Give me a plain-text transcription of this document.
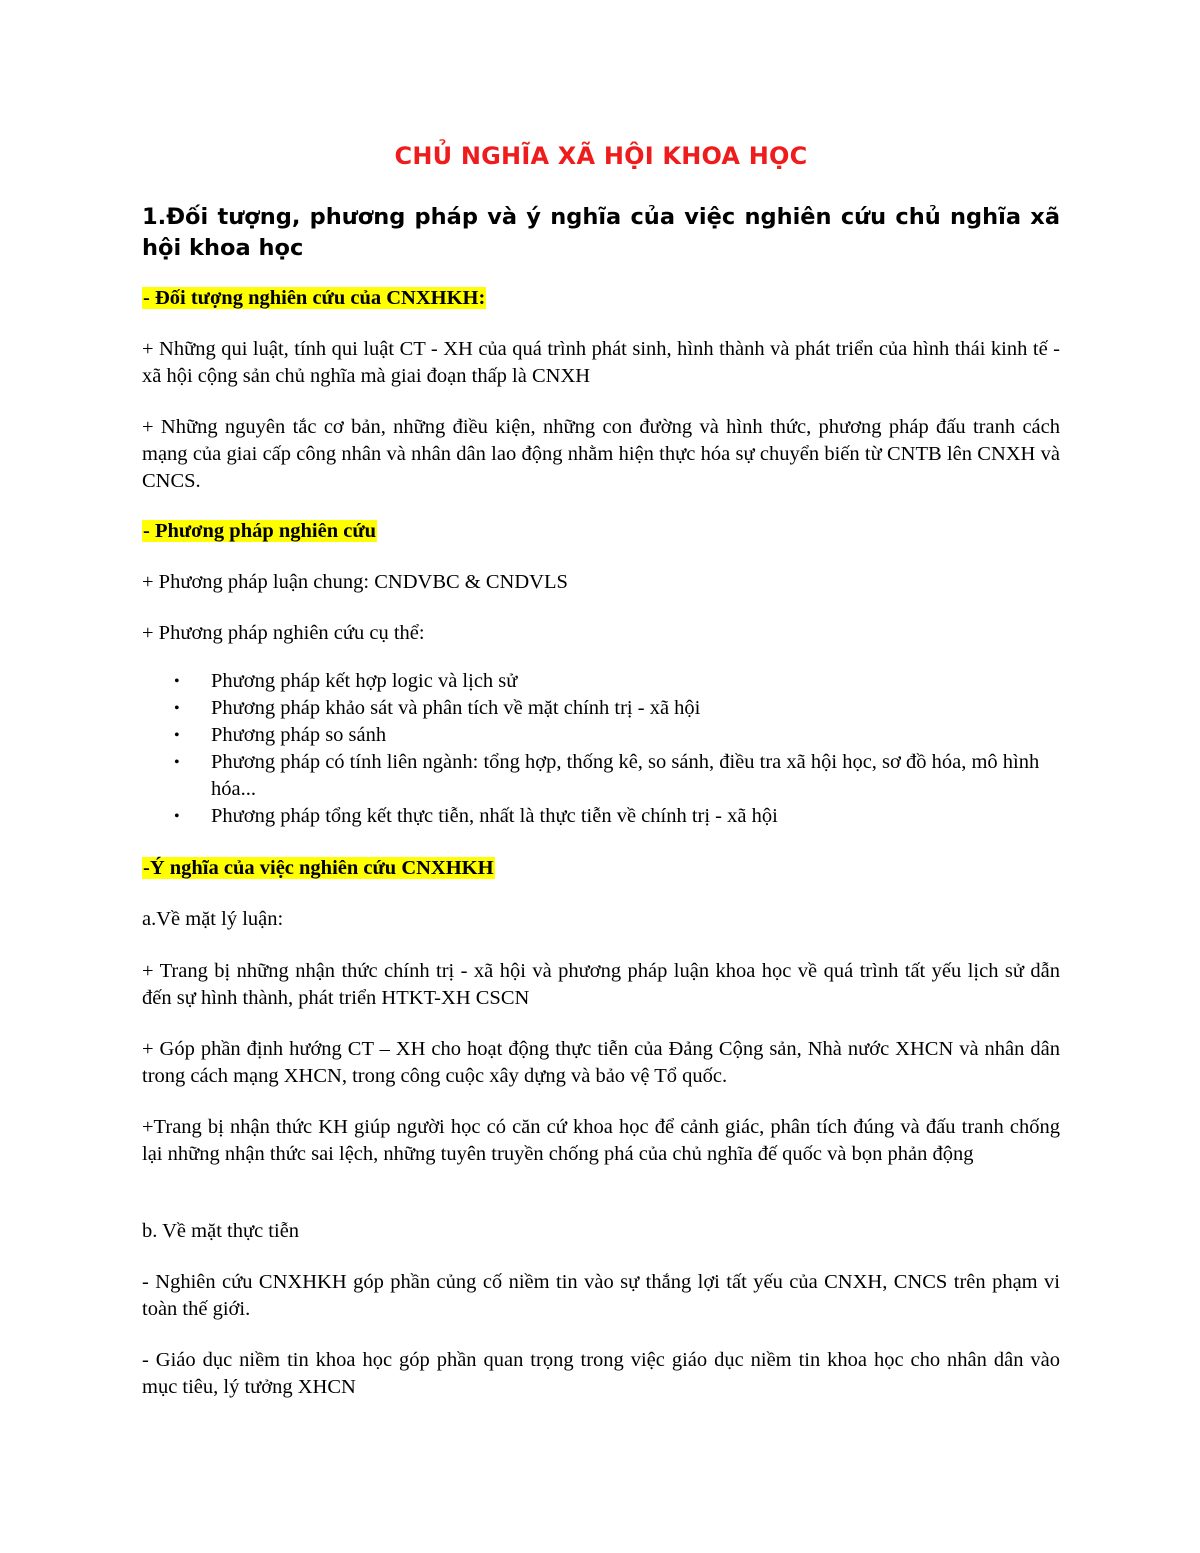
CHỦ NGHĨA XÃ HỘI KHOA HỌC
1.Đối tượng, phương pháp và ý nghĩa của việc nghiên cứu chủ nghĩa xã hội khoa học

- Đối tượng nghiên cứu của CNXHKH:

+ Những qui luật, tính qui luật CT - XH của quá trình phát sinh, hình thành và phát triển của hình thái kinh tế - xã hội cộng sản chủ nghĩa mà giai đoạn thấp là CNXH

+ Những nguyên tắc cơ bản, những điều kiện, những con đường và hình thức, phương pháp đấu tranh cách mạng của giai cấp công nhân và nhân dân lao động nhằm hiện thực hóa sự chuyển biến từ CNTB lên CNXH và CNCS.

- Phương pháp nghiên cứu

+ Phương pháp luận chung: CNDVBC & CNDVLS

+ Phương pháp nghiên cứu cụ thể:

• Phương pháp kết hợp logic và lịch sử
• Phương pháp khảo sát và phân tích về mặt chính trị - xã hội
• Phương pháp so sánh
• Phương pháp có tính liên ngành: tổng hợp, thống kê, so sánh, điều tra xã hội học, sơ đồ hóa, mô hình hóa...
• Phương pháp tổng kết thực tiễn, nhất là thực tiễn về chính trị - xã hội

-Ý nghĩa của việc nghiên cứu CNXHKH

a.Về mặt lý luận:

+ Trang bị những nhận thức chính trị - xã hội và phương pháp luận khoa học về quá trình tất yếu lịch sử dẫn đến sự hình thành, phát triển HTKT-XH CSCN

+ Góp phần định hướng CT – XH cho hoạt động thực tiễn của Đảng Cộng sản, Nhà nước XHCN và nhân dân trong cách mạng XHCN, trong công cuộc xây dựng và bảo vệ Tổ quốc.

+Trang bị nhận thức KH giúp người học có căn cứ khoa học để cảnh giác, phân tích đúng và đấu tranh chống lại những nhận thức sai lệch, những tuyên truyền chống phá của chủ nghĩa đế quốc và bọn phản động

b. Về mặt thực tiễn

- Nghiên cứu CNXHKH góp phần củng cố niềm tin vào sự thắng lợi tất yếu của CNXH, CNCS trên phạm vi toàn thế giới.

- Giáo dục niềm tin khoa học góp phần quan trọng trong việc giáo dục niềm tin khoa học cho nhân dân vào mục tiêu, lý tưởng XHCN
